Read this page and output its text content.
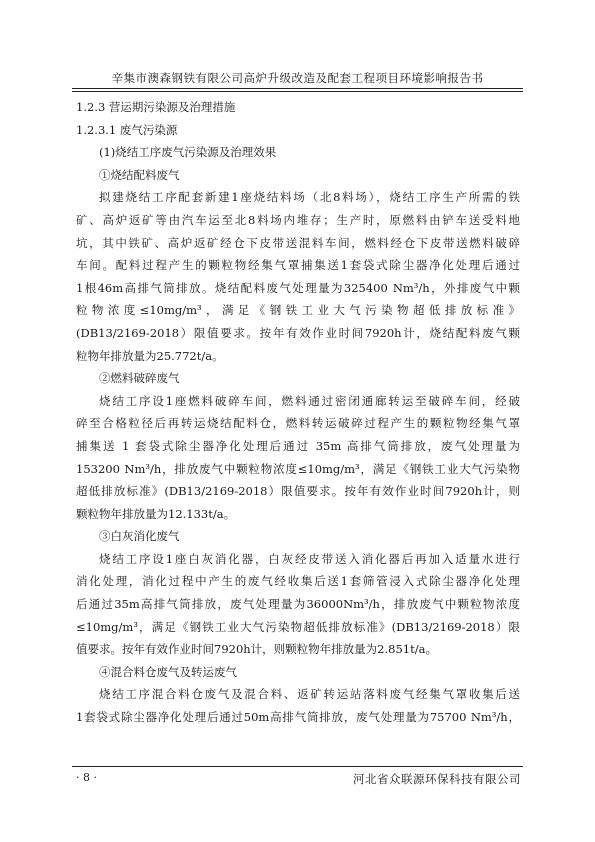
辛集市澳森钢铁有限公司高炉升级改造及配套工程项目环境影响报告书
1.2.3 营运期污染源及治理措施
1.2.3.1 废气污染源
(1)烧结工序废气污染源及治理效果
①烧结配料废气
拟建烧结工序配套新建1座烧结料场（北8料场），烧结工序生产所需的铁
矿、高炉返矿等由汽车运至北8料场内堆存；生产时，原燃料由铲车送受料地
坑，其中铁矿、高炉返矿经仓下皮带送混料车间，燃料经仓下皮带送燃料破碎
车间。配料过程产生的颗粒物经集气罩捕集送1套袋式除尘器净化处理后通过
1根46m高排气筒排放。烧结配料废气处理量为325400 Nm³/h，外排废气中颗
粒物浓度≤10mg/m³，满足《钢铁工业大气污染物超低排放标准》
(DB13/2169-2018）限值要求。按年有效作业时间7920h计，烧结配料废气颗
粒物年排放量为25.772t/a。
②燃料破碎废气
烧结工序设1座燃料破碎车间，燃料通过密闭通廊转运至破碎车间，经破
碎至合格粒径后再转运烧结配料仓，燃料转运破碎过程产生的颗粒物经集气罩
捕集送 1 套袋式除尘器净化处理后通过 35m 高排气筒排放，废气处理量为
153200 Nm³/h，排放废气中颗粒物浓度≤10mg/m³，满足《钢铁工业大气污染物
超低排放标准》(DB13/2169-2018）限值要求。按年有效作业时间7920h计，则
颗粒物年排放量为12.133t/a。
③白灰消化废气
烧结工序设1座白灰消化器，白灰经皮带送入消化器后再加入适量水进行
消化处理，消化过程中产生的废气经收集后送1套筛管浸入式除尘器净化处理
后通过35m高排气筒排放，废气处理量为36000Nm³/h，排放废气中颗粒物浓度
≤10mg/m³，满足《钢铁工业大气污染物超低排放标准》(DB13/2169-2018）限
值要求。按年有效作业时间7920h计，则颗粒物年排放量为2.851t/a。
④混合料仓废气及转运废气
烧结工序混合料仓废气及混合料、返矿转运站落料废气经集气罩收集后送
1套袋式除尘器净化处理后通过50m高排气筒排放，废气处理量为75700 Nm³/h，
· 8 ·	河北省众联源环保科技有限公司
